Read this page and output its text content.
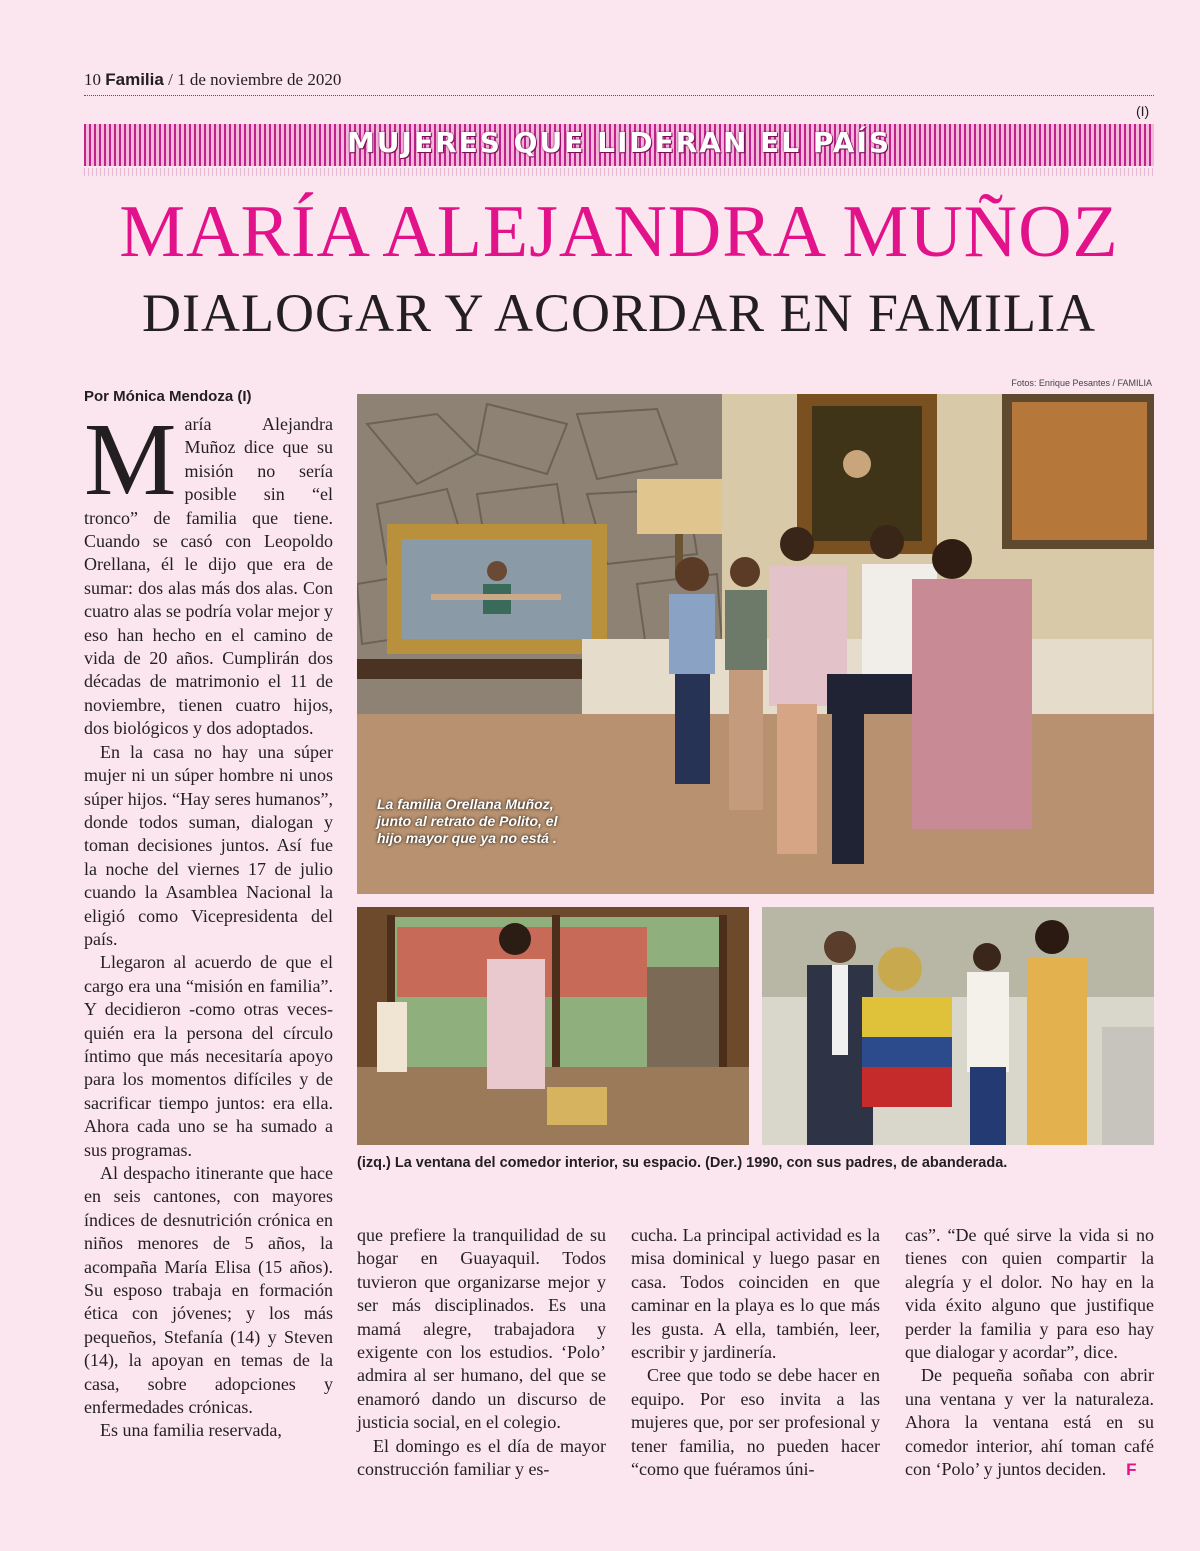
10 Familia / 1 de noviembre de 2020
(I)
MUJERES QUE LIDERAN EL PAÍS
MARÍA ALEJANDRA MUÑOZ
DIALOGAR Y ACORDAR EN FAMILIA
Fotos: Enrique Pesantes / FAMILIA
Por Mónica Mendoza (I)

María Alejandra Muñoz dice que su misión no sería posible sin “el tronco” de familia que tiene. Cuando se casó con Leopoldo Orellana, él le dijo que era de sumar: dos alas más dos alas. Con cuatro alas se podría volar mejor y eso han hecho en el camino de vida de 20 años. Cumplirán dos décadas de matrimonio el 11 de noviembre, tienen cuatro hijos, dos biológicos y dos adoptados.

En la casa no hay una súper mujer ni un súper hombre ni unos súper hijos. “Hay seres humanos”, donde todos suman, dialogan y toman decisiones juntos. Así fue la noche del viernes 17 de julio cuando la Asamblea Nacional la eligió como Vicepresidenta del país.

Llegaron al acuerdo de que el cargo era una “misión en familia”. Y decidieron -como otras veces- quién era la persona del círculo íntimo que más necesitaría apoyo para los momentos difíciles y de sacrificar tiempo juntos: era ella. Ahora cada uno se ha sumado a sus programas.

Al despacho itinerante que hace en seis cantones, con mayores índices de desnutrición crónica en niños menores de 5 años, la acompaña María Elisa (15 años). Su esposo trabaja en formación ética con jóvenes; y los más pequeños, Stefanía (14) y Steven (14), la apoyan en temas de la casa, sobre adopciones y enfermedades crónicas.

Es una familia reservada,

La familia Orellana Muñoz, junto al retrato de Polito, el hijo mayor que ya no está .
(izq.) La ventana del comedor interior, su espacio. (Der.) 1990, con sus padres, de abanderada.

que prefiere la tranquilidad de su hogar en Guayaquil. Todos tuvieron que organizarse mejor y ser más disciplinados. Es una mamá alegre, trabajadora y exigente con los estudios. ‘Polo’ admira al ser humano, del que se enamoró dando un discurso de justicia social, en el colegio.

El domingo es el día de mayor construcción familiar y es-

cucha. La principal actividad es la misa dominical y luego pasar en casa. Todos coinciden en que caminar en la playa es lo que más les gusta. A ella, también, leer, escribir y jardinería.

Cree que todo se debe hacer en equipo. Por eso invita a las mujeres que, por ser profesional y tener familia, no pueden hacer “como que fuéramos úni-

cas”. “De qué sirve la vida si no tienes con quien compartir la alegría y el dolor. No hay en la vida éxito alguno que justifique perder la familia y para eso hay que dialogar y acordar”, dice.

De pequeña soñaba con abrir una ventana y ver la naturaleza. Ahora la ventana está en su comedor interior, ahí toman café con ‘Polo’ y juntos deciden. F
